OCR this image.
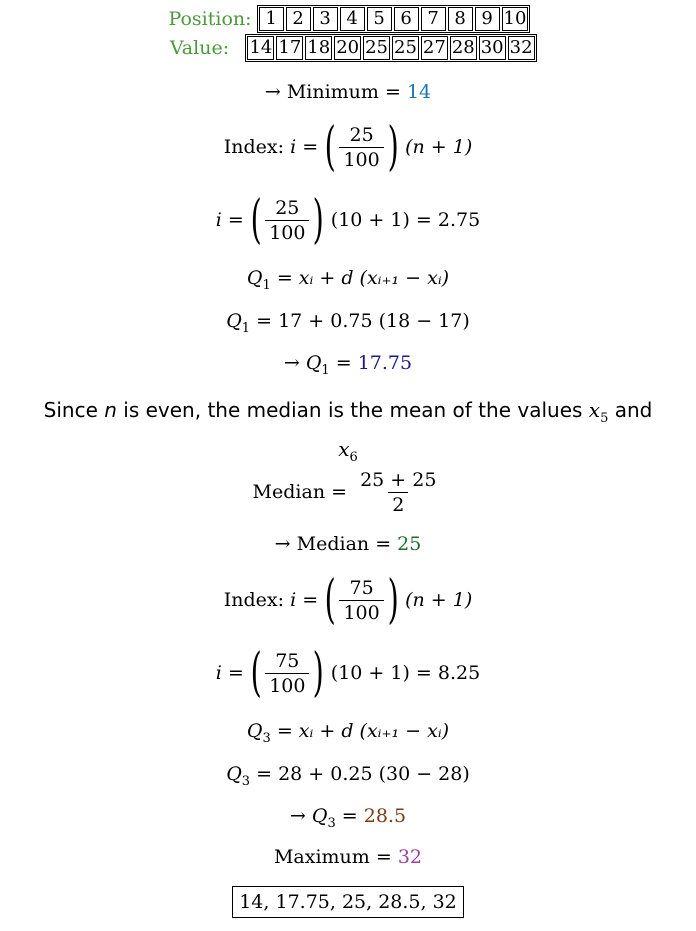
Position: 1 2 3 4 5 6 7 8 9 10
Value:	14 17 18 20 25 25 27 28 30 32
→ Minimum = 14
Index:
i
=
( $\frac{25}{100}$ )
(n + 1)
i
=
( $\frac{25}{100}$ )
(10 + 1) = 2.75
$Q_1$ = xᵢ + d (xᵢ₊₁ − xᵢ)
$Q_1 = 17 + 0.75$ (18 − 17)
→ $Q_1 = 17.75$
Since n is even, the median is the mean of the values $x_5$ and
$x_6$
Median
=
$\frac{25 + 25}{2}$
→ Median = 25
Index:
i
=
( $\frac{75}{100}$ )
(n + 1)
i
=
( $\frac{75}{100}$ )
(10 + 1) = 8.25
$Q_3$ = xᵢ + d (xᵢ₊₁ − xᵢ)
$Q_3 = 28 + 0.25$ (30 − 28)
→ $Q_3 = 28.5$
Maximum = 32
14, 17.75, 25, 28.5, 32
